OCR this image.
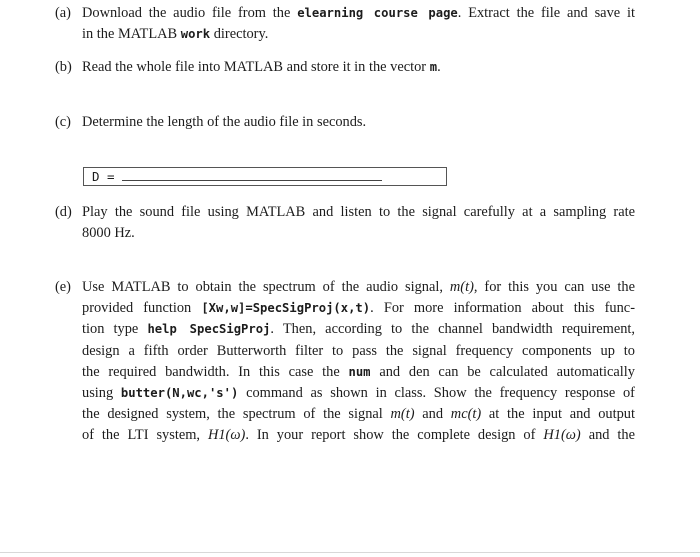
(a) Download the audio file from the elearning course page. Extract the file and save it
in the MATLAB work directory.
(b) Read the whole file into MATLAB and store it in the vector m.
(c) Determine the length of the audio file in seconds.
D =
(d) Play the sound file using MATLAB and listen to the signal carefully at a sampling rate
8000 Hz.
(e) Use MATLAB to obtain the spectrum of the audio signal, m(t), for this you can use the
provided function [Xw,w]=SpecSigProj(x,t). For more information about this func-
tion type help SpecSigProj. Then, according to the channel bandwidth requirement,
design a fifth order Butterworth filter to pass the signal frequency components up to
the required bandwidth. In this case the num and den can be calculated automatically
using butter(N,wc,'s') command as shown in class. Show the frequency response of
the designed system, the spectrum of the signal m(t) and mc(t) at the input and output
of the LTI system, H1(ω). In your report show the complete design of H1(ω) and the
